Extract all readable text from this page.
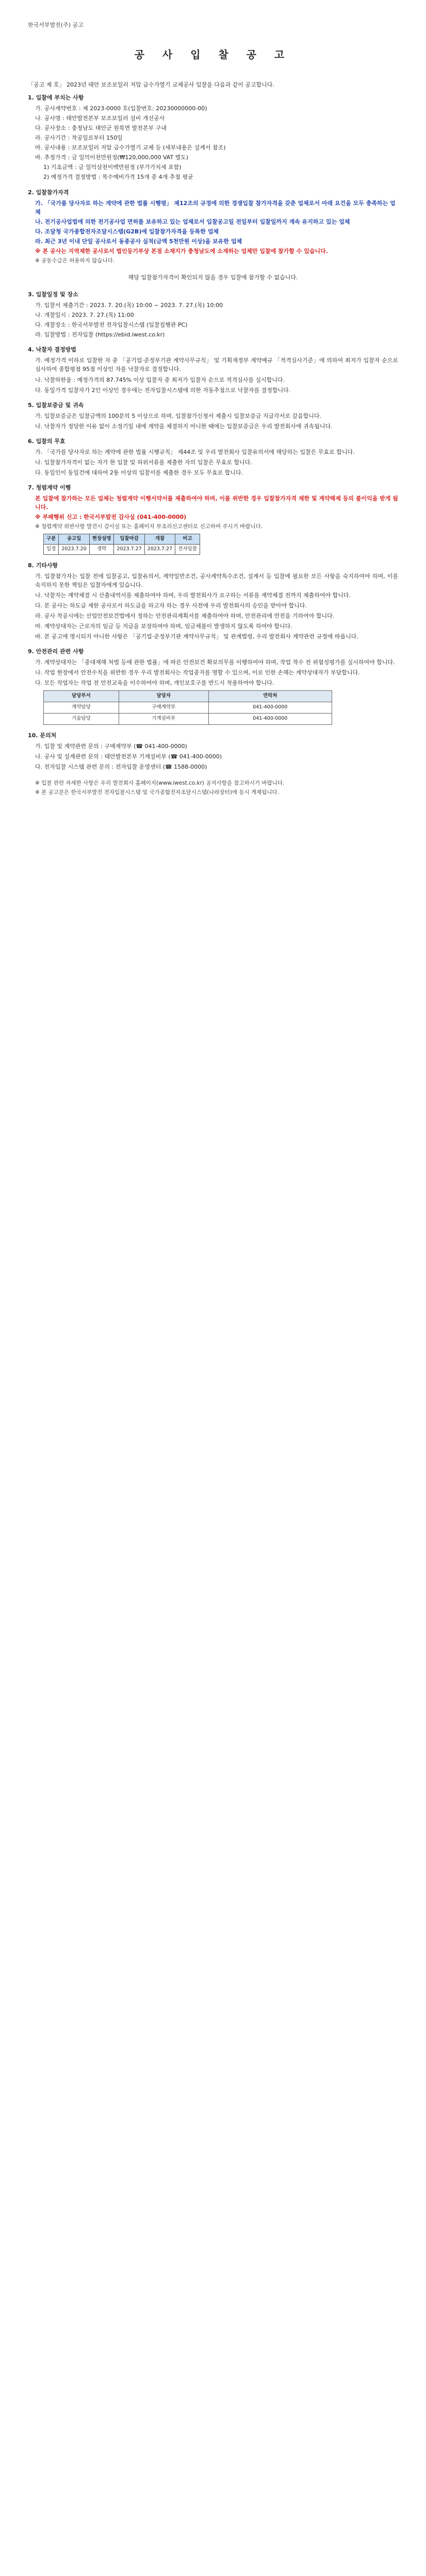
한국서부발전(주) 공고
공 사 입 찰 공 고
「공고 제 호」 2023년 태안 보조보일러 저압 급수가열기 교체공사 입찰을 다음과 같이 공고합니다.
1. 입찰에 부치는 사항
가. 공사계약번호 : 제 2023-0000 호(입찰번호: 20230000000-00)
나. 공사명 : 태안발전본부 보조보일러 설비 개선공사
다. 공사장소 : 충청남도 태안군 원북면 발전본부 구내
라. 공사기간 : 착공일로부터 150일
마. 공사내용 : 보조보일러 저압 급수가열기 교체 등 (세부내용은 설계서 참조)
바. 추정가격 : 금 일억이천만원정(₩120,000,000 VAT 별도)
1) 기초금액 : 금 일억삼천이백만원정 (부가가치세 포함)
2) 예정가격 결정방법 : 복수예비가격 15개 중 4개 추첨 평균
2. 입찰참가자격
가. 「국가를 당사자로 하는 계약에 관한 법률 시행령」 제12조의 규정에 의한 경쟁입찰 참가자격을 갖춘 업체로서 아래 요건을 모두 충족하는 업체
나. 전기공사업법에 의한 전기공사업 면허를 보유하고 있는 업체로서 입찰공고일 전일부터 입찰일까지 계속 유지하고 있는 업체
다. 조달청 국가종합전자조달시스템(G2B)에 입찰참가자격을 등록한 업체
라. 최근 3년 이내 단일 공사로서 동종공사 실적(금액 5천만원 이상)을 보유한 업체
※ 본 공사는 지역제한 공사로서 법인등기부상 본점 소재지가 충청남도에 소재하는 업체만 입찰에 참가할 수 있습니다.
※ 공동수급은 허용하지 않습니다.
해당 입찰참가자격이 확인되지 않을 경우 입찰에 참가할 수 없습니다.
3. 입찰일정 및 장소
가. 입찰서 제출기간 : 2023. 7. 20.(목) 10:00 ~ 2023. 7. 27.(목) 10:00
나. 개찰일시 : 2023. 7. 27.(목) 11:00
다. 개찰장소 : 한국서부발전 전자입찰시스템 (입찰집행관 PC)
라. 입찰방법 : 전자입찰 (https://ebid.iwest.co.kr)
4. 낙찰자 결정방법
가. 예정가격 이하로 입찰한 자 중 「공기업·준정부기관 계약사무규칙」 및 기획재정부 계약예규 「적격심사기준」에 의하여 최저가 입찰자 순으로 심사하여 종합평점 95점 이상인 자를 낙찰자로 결정합니다.
나. 낙찰하한율 : 예정가격의 87.745% 이상 입찰자 중 최저가 입찰자 순으로 적격심사를 실시합니다.
다. 동일가격 입찰자가 2인 이상인 경우에는 전자입찰시스템에 의한 자동추첨으로 낙찰자를 결정합니다.
5. 입찰보증금 및 귀속
가. 입찰보증금은 입찰금액의 100분의 5 이상으로 하며, 입찰참가신청서 제출시 입찰보증금 지급각서로 갈음합니다.
나. 낙찰자가 정당한 이유 없이 소정기일 내에 계약을 체결하지 아니한 때에는 입찰보증금은 우리 발전회사에 귀속됩니다.
6. 입찰의 무효
가. 「국가를 당사자로 하는 계약에 관한 법률 시행규칙」 제44조 및 우리 발전회사 입찰유의서에 해당하는 입찰은 무효로 합니다.
나. 입찰참가자격이 없는 자가 한 입찰 및 허위서류를 제출한 자의 입찰은 무효로 합니다.
다. 동일인이 동일건에 대하여 2통 이상의 입찰서를 제출한 경우 모두 무효로 합니다.
7. 청렴계약 이행
본 입찰에 참가하는 모든 업체는 청렴계약 이행서약서를 제출하여야 하며, 이를 위반한 경우 입찰참가자격 제한 및 계약해제 등의 불이익을 받게 됩니다.
※ 부패행위 신고 : 한국서부발전 감사실 (041-400-0000)
※ 청렴계약 위반사항 발견시 감사실 또는 홈페이지 부조리신고센터로 신고하여 주시기 바랍니다.
구분	공고일	현장설명	입찰마감	개찰	비고
일정	2023.7.20	생략	2023.7.27	2023.7.27	전자입찰
8. 기타사항
가. 입찰참가자는 입찰 전에 입찰공고, 입찰유의서, 계약일반조건, 공사계약특수조건, 설계서 등 입찰에 필요한 모든 사항을 숙지하여야 하며, 이를 숙지하지 못한 책임은 입찰자에게 있습니다.
나. 낙찰자는 계약체결 시 산출내역서를 제출하여야 하며, 우리 발전회사가 요구하는 서류를 계약체결 전까지 제출하여야 합니다.
다. 본 공사는 하도급 제한 공사로서 하도급을 하고자 하는 경우 사전에 우리 발전회사의 승인을 받아야 합니다.
라. 공사 착공시에는 산업안전보건법에서 정하는 안전관리계획서를 제출하여야 하며, 안전관리에 만전을 기하여야 합니다.
마. 계약상대자는 근로자의 임금 등 지급을 보장하여야 하며, 임금체불이 발생하지 않도록 하여야 합니다.
바. 본 공고에 명시되지 아니한 사항은 「공기업·준정부기관 계약사무규칙」 및 관계법령, 우리 발전회사 계약관련 규정에 따릅니다.
9. 안전관리 관련 사항
가. 계약상대자는 「중대재해 처벌 등에 관한 법률」에 따른 안전보건 확보의무를 이행하여야 하며, 작업 착수 전 위험성평가를 실시하여야 합니다.
나. 작업 현장에서 안전수칙을 위반한 경우 우리 발전회사는 작업중지를 명할 수 있으며, 이로 인한 손해는 계약상대자가 부담합니다.
다. 모든 작업자는 작업 전 안전교육을 이수하여야 하며, 개인보호구를 반드시 착용하여야 합니다.
담당부서	담당자	연락처
계약담당	구매계약부	041-400-0000
기술담당	기계설비부	041-400-0000
10. 문의처
가. 입찰 및 계약관련 문의 : 구매계약부 (☎ 041-400-0000)
나. 공사 및 설계관련 문의 : 태안발전본부 기계설비부 (☎ 041-400-0000)
다. 전자입찰 시스템 관련 문의 : 전자입찰 운영센터 (☎ 1588-0000)
※ 입찰 관련 자세한 사항은 우리 발전회사 홈페이지(www.iwest.co.kr) 공지사항을 참고하시기 바랍니다.
※ 본 공고문은 한국서부발전 전자입찰시스템 및 국가종합전자조달시스템(나라장터)에 동시 게재됩니다.
